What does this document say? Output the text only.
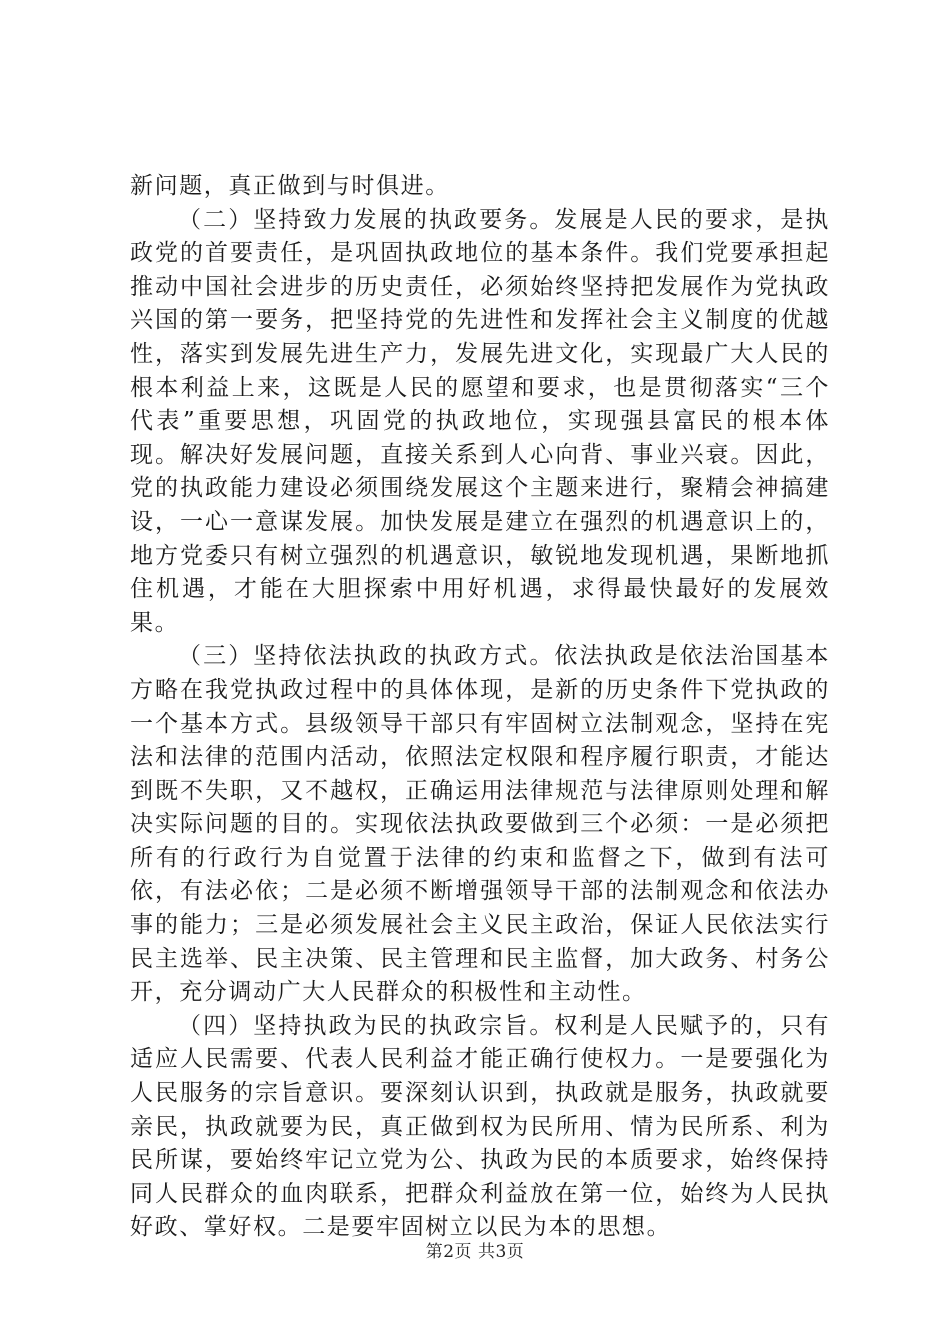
新问题，真正做到与时俱进。

（二）坚持致力发展的执政要务。发展是人民的要求，是执政党的首要责任，是巩固执政地位的基本条件。我们党要承担起推动中国社会进步的历史责任，必须始终坚持把发展作为党执政兴国的第一要务，把坚持党的先进性和发挥社会主义制度的优越性，落实到发展先进生产力，发展先进文化，实现最广大人民的根本利益上来，这既是人民的愿望和要求，也是贯彻落实“三个代表”重要思想，巩固党的执政地位，实现强县富民的根本体现。解决好发展问题，直接关系到人心向背、事业兴衰。因此，党的执政能力建设必须围绕发展这个主题来进行，聚精会神搞建设，一心一意谋发展。加快发展是建立在强烈的机遇意识上的，地方党委只有树立强烈的机遇意识，敏锐地发现机遇，果断地抓住机遇，才能在大胆探索中用好机遇，求得最快最好的发展效果。

（三）坚持依法执政的执政方式。依法执政是依法治国基本方略在我党执政过程中的具体体现，是新的历史条件下党执政的一个基本方式。县级领导干部只有牢固树立法制观念，坚持在宪法和法律的范围内活动，依照法定权限和程序履行职责，才能达到既不失职，又不越权，正确运用法律规范与法律原则处理和解决实际问题的目的。实现依法执政要做到三个必须：一是必须把所有的行政行为自觉置于法律的约束和监督之下，做到有法可依，有法必依；二是必须不断增强领导干部的法制观念和依法办事的能力；三是必须发展社会主义民主政治，保证人民依法实行民主选举、民主决策、民主管理和民主监督，加大政务、村务公开，充分调动广大人民群众的积极性和主动性。

（四）坚持执政为民的执政宗旨。权利是人民赋予的，只有适应人民需要、代表人民利益才能正确行使权力。一是要强化为人民服务的宗旨意识。要深刻认识到，执政就是服务，执政就要亲民，执政就要为民，真正做到权为民所用、情为民所系、利为民所谋，要始终牢记立党为公、执政为民的本质要求，始终保持同人民群众的血肉联系，把群众利益放在第一位，始终为人民执好政、掌好权。二是要牢固树立以民为本的思想。

第2页 共3页
